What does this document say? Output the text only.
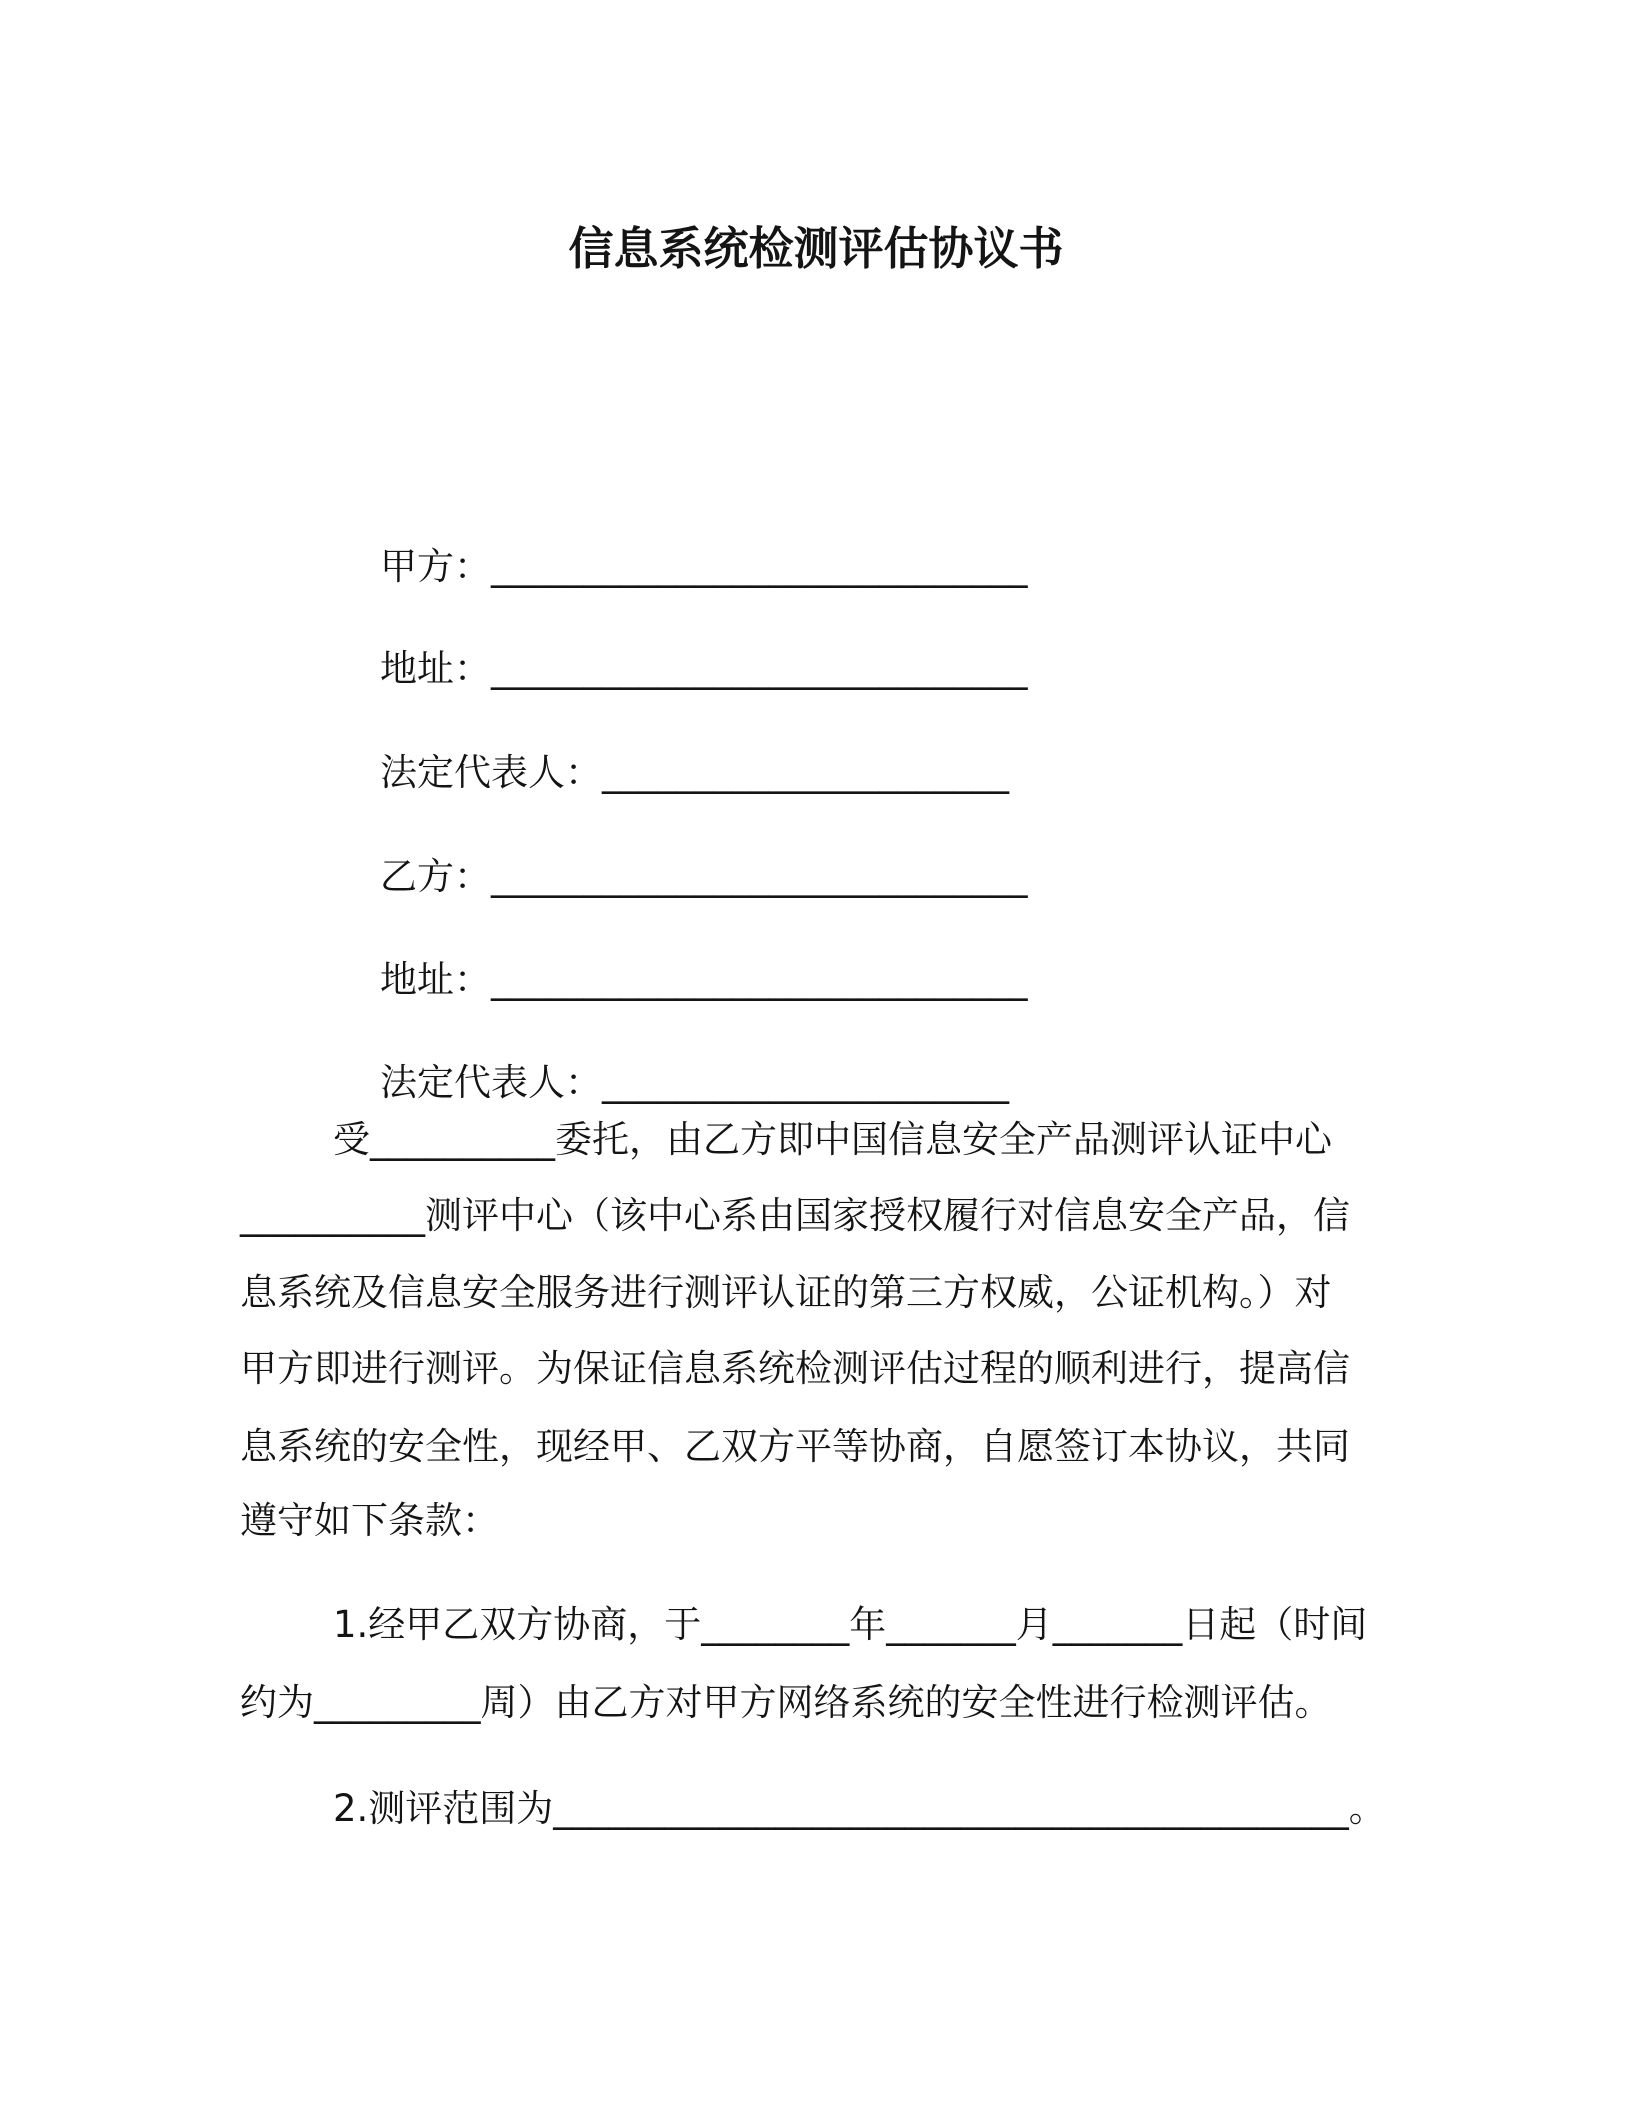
信息系统检测评估协议书

甲方：_____________________________

地址：_____________________________

法定代表人：______________________

乙方：_____________________________

地址：_____________________________

法定代表人：______________________

受__________委托，由乙方即中国信息安全产品测评认证中心
__________测评中心（该中心系由国家授权履行对信息安全产品，信
息系统及信息安全服务进行测评认证的第三方权威，公证机构。）对
甲方即进行测评。为保证信息系统检测评估过程的顺利进行，提高信
息系统的安全性，现经甲、乙双方平等协商，自愿签订本协议，共同
遵守如下条款：
1.经甲乙双方协商，于________年_______月_______日起（时间
约为_________周）由乙方对甲方网络系统的安全性进行检测评估。
2.测评范围为___________________________________________。
